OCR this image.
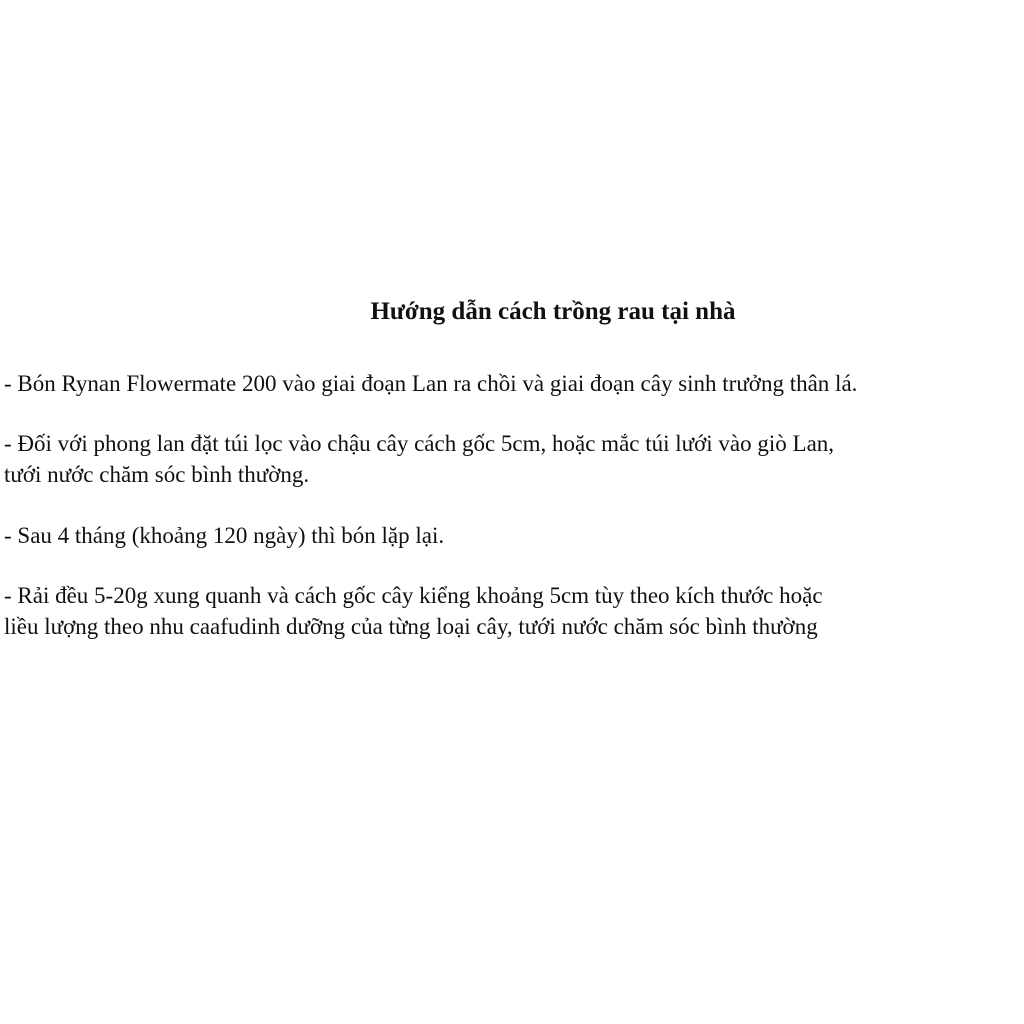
Hướng dẫn cách trồng rau tại nhà

- Bón Rynan Flowermate 200 vào giai đoạn Lan ra chồi và giai đoạn cây sinh trưởng thân lá.

- Đối với phong lan đặt túi lọc vào chậu cây cách gốc 5cm, hoặc mắc túi lưới vào giò Lan,
tưới nước chăm sóc bình thường.

- Sau 4 tháng (khoảng 120 ngày) thì bón lặp lại.

- Rải đều 5-20g xung quanh và cách gốc cây kiểng khoảng 5cm tùy theo kích thước hoặc
liều lượng theo nhu caafudinh dưỡng của từng loại cây, tưới nước chăm sóc bình thường
